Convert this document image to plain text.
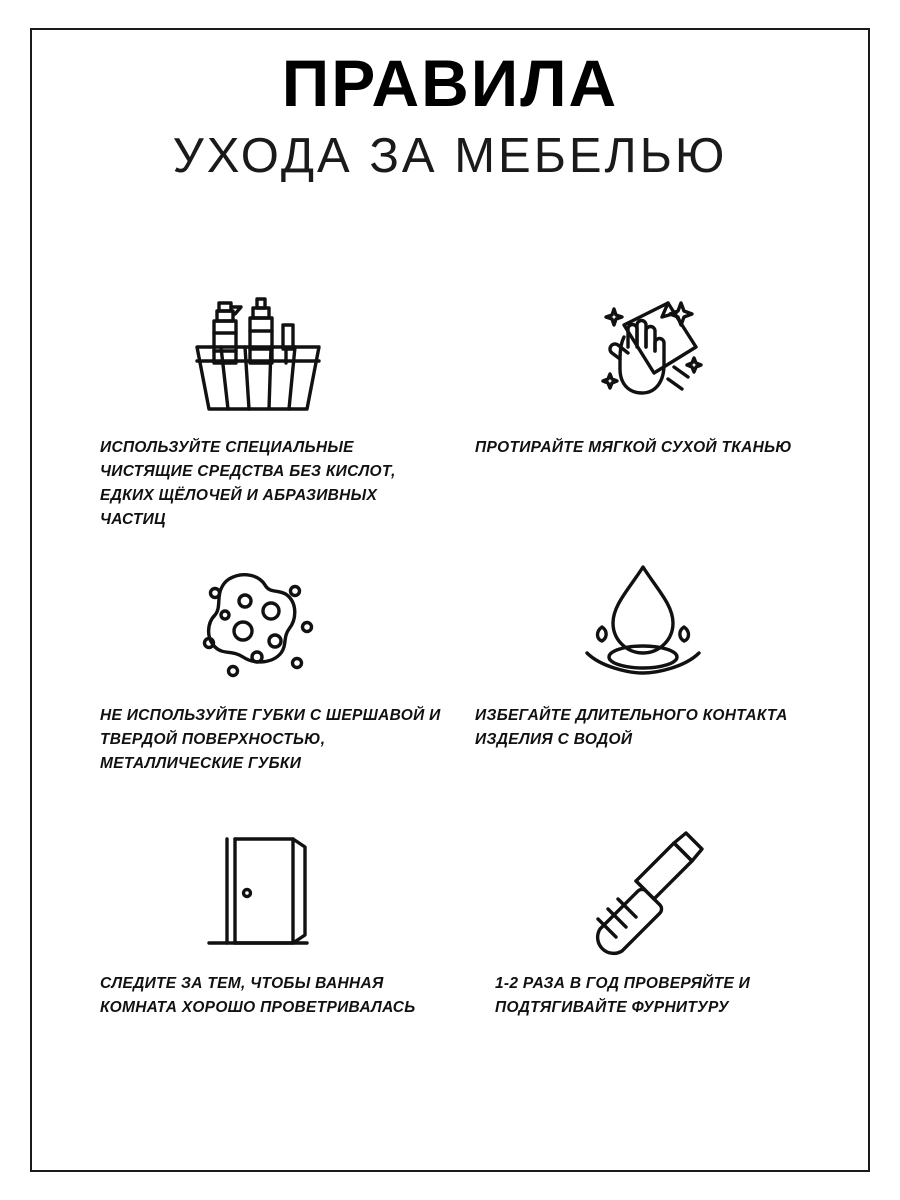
ПРАВИЛА
УХОДА ЗА МЕБЕЛЬЮ

ИСПОЛЬЗУЙТЕ СПЕЦИАЛЬНЫЕ ЧИСТЯЩИЕ СРЕДСТВА БЕЗ КИСЛОТ, ЕДКИХ ЩЁЛОЧЕЙ И АБРАЗИВНЫХ ЧАСТИЦ

ПРОТИРАЙТЕ МЯГКОЙ СУХОЙ ТКАНЬЮ

НЕ ИСПОЛЬЗУЙТЕ ГУБКИ С ШЕРШАВОЙ И ТВЕРДОЙ ПОВЕРХНОСТЬЮ, МЕТАЛЛИЧЕСКИЕ ГУБКИ

ИЗБЕГАЙТЕ ДЛИТЕЛЬНОГО КОНТАКТА ИЗДЕЛИЯ С ВОДОЙ

СЛЕДИТЕ ЗА ТЕМ, ЧТОБЫ ВАННАЯ КОМНАТА ХОРОШО ПРОВЕТРИВАЛАСЬ

1-2 РАЗА В ГОД ПРОВЕРЯЙТЕ И ПОДТЯГИВАЙТЕ ФУРНИТУРУ
